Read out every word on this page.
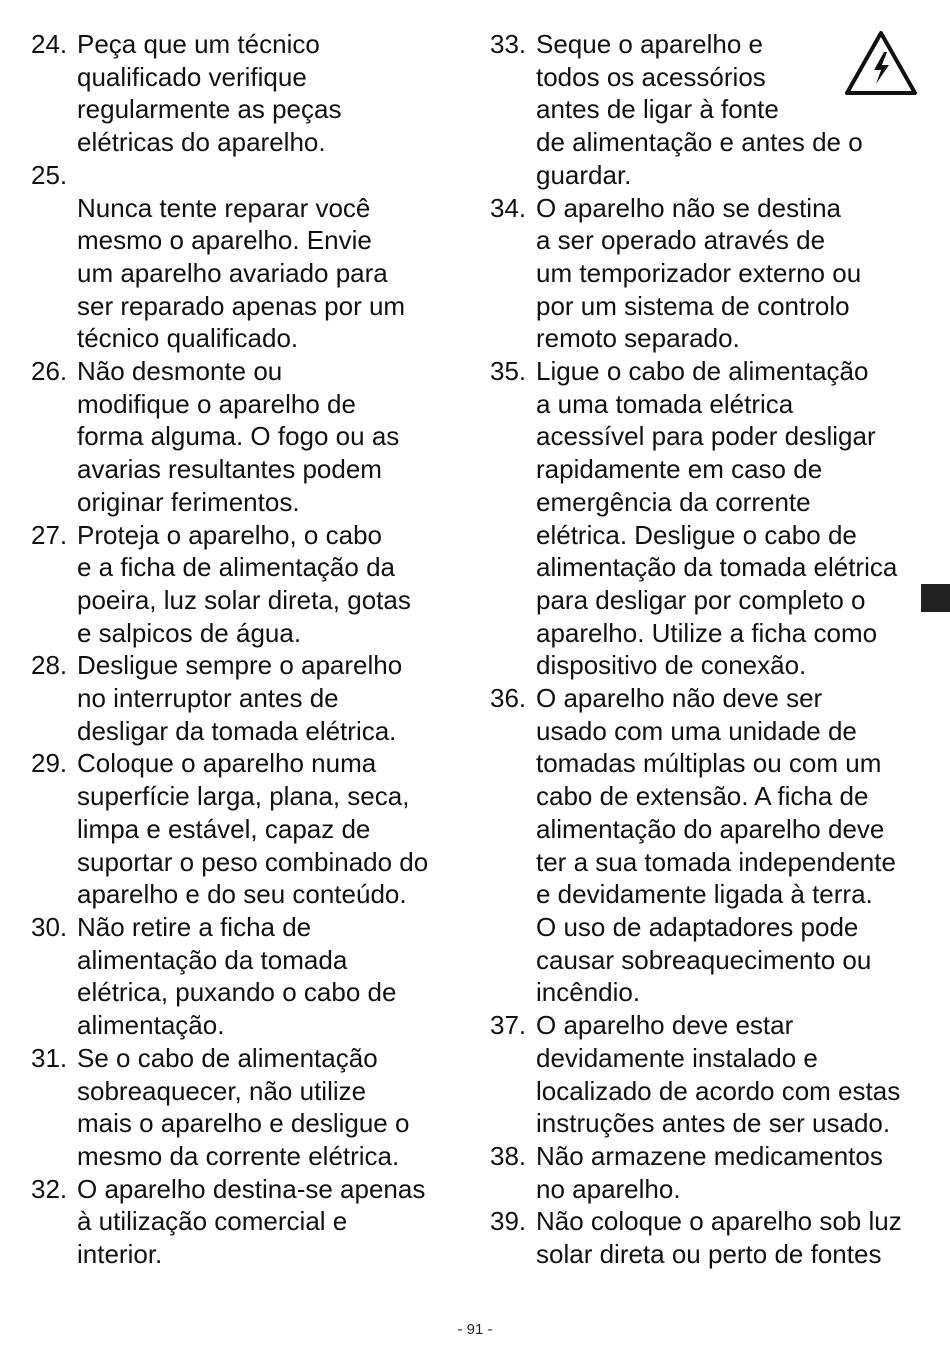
24. Peça que um técnico
qualificado verifique
regularmente as peças
elétricas do aparelho.
25.

Nunca tente reparar você
mesmo o aparelho. Envie
um aparelho avariado para
ser reparado apenas por um
técnico qualificado.
26. Não desmonte ou
modifique o aparelho de
forma alguma. O fogo ou as
avarias resultantes podem
originar ferimentos.
27. Proteja o aparelho, o cabo
e a ficha de alimentação da
poeira, luz solar direta, gotas
e salpicos de água.
28. Desligue sempre o aparelho
no interruptor antes de
desligar da tomada elétrica.
29. Coloque o aparelho numa
superfície larga, plana, seca,
limpa e estável, capaz de
suportar o peso combinado do
aparelho e do seu conteúdo.
30. Não retire a ficha de
alimentação da tomada
elétrica, puxando o cabo de
alimentação.
31. Se o cabo de alimentação
sobreaquecer, não utilize
mais o aparelho e desligue o
mesmo da corrente elétrica.
32. O aparelho destina-se apenas
à utilização comercial e
interior.
33. Seque o aparelho e
todos os acessórios
antes de ligar à fonte
de alimentação e antes de o
guardar.
34. O aparelho não se destina
a ser operado através de
um temporizador externo ou
por um sistema de controlo
remoto separado.
35. Ligue o cabo de alimentação
a uma tomada elétrica
acessível para poder desligar
rapidamente em caso de
emergência da corrente
elétrica. Desligue o cabo de
alimentação da tomada elétrica
para desligar por completo o
aparelho. Utilize a ficha como
dispositivo de conexão.
36. O aparelho não deve ser
usado com uma unidade de
tomadas múltiplas ou com um
cabo de extensão. A ficha de
alimentação do aparelho deve
ter a sua tomada independente
e devidamente ligada à terra.
O uso de adaptadores pode
causar sobreaquecimento ou
incêndio.
37. O aparelho deve estar
devidamente instalado e
localizado de acordo com estas
instruções antes de ser usado.
38. Não armazene medicamentos
no aparelho.
39. Não coloque o aparelho sob luz
solar direta ou perto de fontes
- 91 -
